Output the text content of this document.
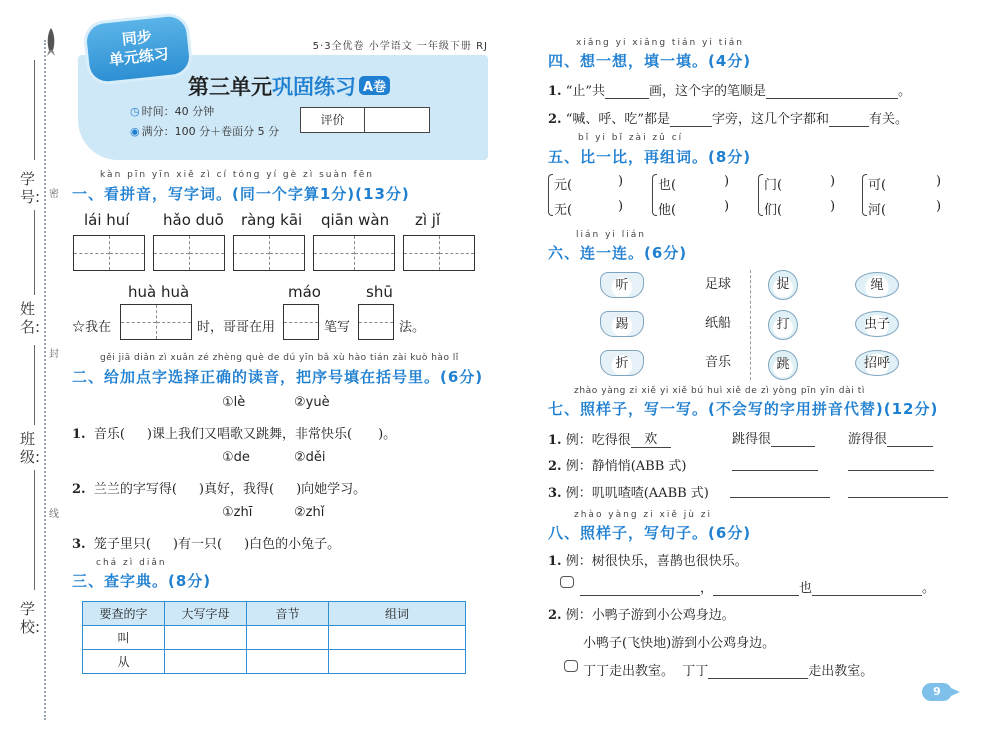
学号:
姓名:
班级:
学校:
密
封
线
同步
单元练习	5·3全优卷 小学语文 一年级下册 RJ
第三单元巩固练习 A卷
◷ 时间：40 分钟
◉ 满分：100 分＋卷面分 5 分
评价
kàn pīn yīn xiě zì cí tóng yí gè zì suàn fēn
一、看拼音，写字词。(同一个字算1分)(13分)
lái huí hǎo duō ràng kāi qiān wàn zì jǐ
huà huà	máo	shū
☆我在	时，哥哥在用	笔写	法。
gěi jiā diǎn zì xuǎn zé zhèng què de dú yīn bǎ xù hào tián zài kuò hào lǐ
二、给加点字选择正确的读音，把序号填在括号里。(6分)
①lè	②yuè
1. 音乐( )课上我们又唱歌又跳舞，非常快乐( )。
①de	②děi
2. 兰兰的字写得( )真好，我得( )向她学习。
①zhī	②zhǐ
3. 笼子里只( )有一只( )白色的小兔子。
chá zì diǎn
三、查字典。(8分)
要查的字	大写字母	音节	组词
叫			
从			
xiǎng yi xiǎng tián yi tián
四、想一想，填一填。(4分)
1. “止”共	画，这个字的笔顺是	。
2. “喊、呼、吃”都是	字旁，这几个字都和	有关。
bǐ yi bǐ zài zǔ cí
五、比一比，再组词。(8分)
元(	)
无(	)
也(	)
他(	)
门(	)
们(	)
可(	)
河(	)
lián yi lián
六、连一连。(6分)
听
踢
折
足球
纸船
音乐
捉
打
跳
绳
虫子
招呼
zhào yàng zi xiě yi xiě bú huì xiě de zì yòng pīn yīn dài tì
七、照样子，写一写。(不会写的字用拼音代替)(12分)
1. 例：吃得很 欢	跳得很	游得很
2. 例：静悄悄(ABB 式)
3. 例：叽叽喳喳(AABB 式)
zhào yàng zi xiě jù zi
八、照样子，写句子。(6分)
1. 例：树很快乐，喜鹊也很快乐。
，	也	。
2. 例：小鸭子游到小公鸡身边。
小鸭子(飞快地)游到小公鸡身边。
丁丁走出教室。 丁丁	走出教室。
9
